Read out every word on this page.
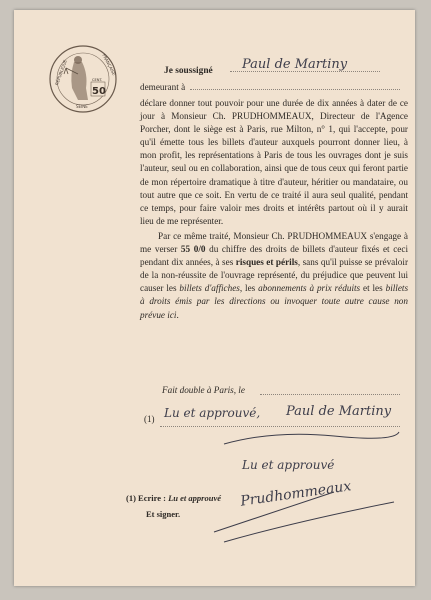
RÉPUBLIQUE	FRANÇAISE
50
CENT.
SEINE
Je soussigné Paul de Martiny
demeurant à

déclare donner tout pouvoir pour une durée de dix années à dater de ce jour à Monsieur Ch. PRUDHOMMEAUX, Directeur de l'Agence Porcher, dont le siège est à Paris, rue Milton, n° 1, qui l'accepte, pour qu'il émette tous les billets d'auteur auxquels pourront donner lieu, à mon profit, les représentations à Paris de tous les ouvrages dont je suis l'auteur, seul ou en collaboration, ainsi que de tous ceux qui feront partie de mon répertoire dramatique à titre d'auteur, héritier ou mandataire, ou tout autre que ce soit. En vertu de ce traité il aura seul qualité, pendant ce temps, pour faire valoir mes droits et intérêts partout où il y aurait lieu de me représenter.

Par ce même traité, Monsieur Ch. PRUDHOMMEAUX s'engage à me verser 55 0/0 du chiffre des droits de billets d'auteur fixés et ceci pendant dix années, à ses risques et périls, sans qu'il puisse se prévaloir de la non-réussite de l'ouvrage représenté, du préjudice que peuvent lui causer les billets d'affiches, les abonnements à prix réduits et les billets à droits émis par les directions ou invoquer toute autre cause non prévue ici.

Fait double à Paris, le
(1) Lu et approuvé, Paul de Martiny
Lu et approuvé
Prudhommeaux
(1) Ecrire : Lu et approuvé
Et signer.
